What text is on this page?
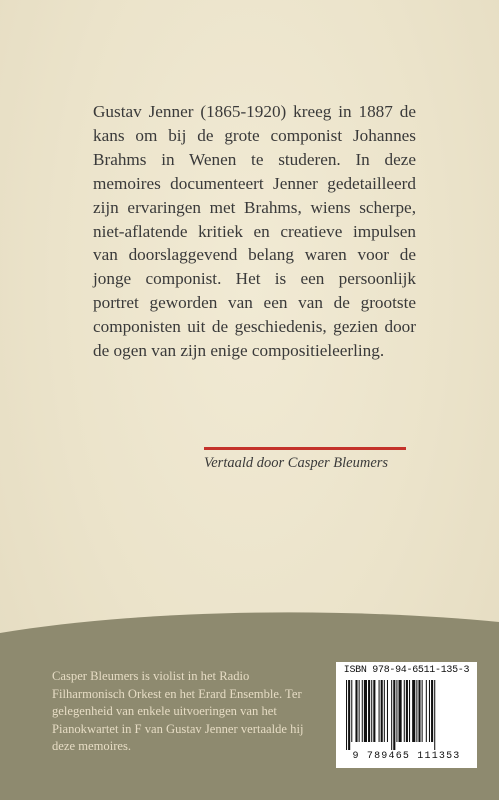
Gustav Jenner (1865-1920) kreeg in 1887 de kans om bij de grote componist Johannes Brahms in Wenen te studeren. In deze memoires documenteert Jenner gedetailleerd zijn ervaringen met Brahms, wiens scherpe, niet-aflatende kritiek en creatieve impulsen van doorslaggevend belang waren voor de jonge componist. Het is een persoonlijk portret geworden van een van de grootste componisten uit de geschiedenis, gezien door de ogen van zijn enige compositieleerling.

Vertaald door Casper Bleumers

Casper Bleumers is violist in het Radio Filharmonisch Orkest en het Erard Ensemble. Ter gelegenheid van enkele uitvoeringen van het Pianokwartet in F van Gustav Jenner vertaalde hij deze memoires.

ISBN 978-94-6511-135-3
9 789465 111353
